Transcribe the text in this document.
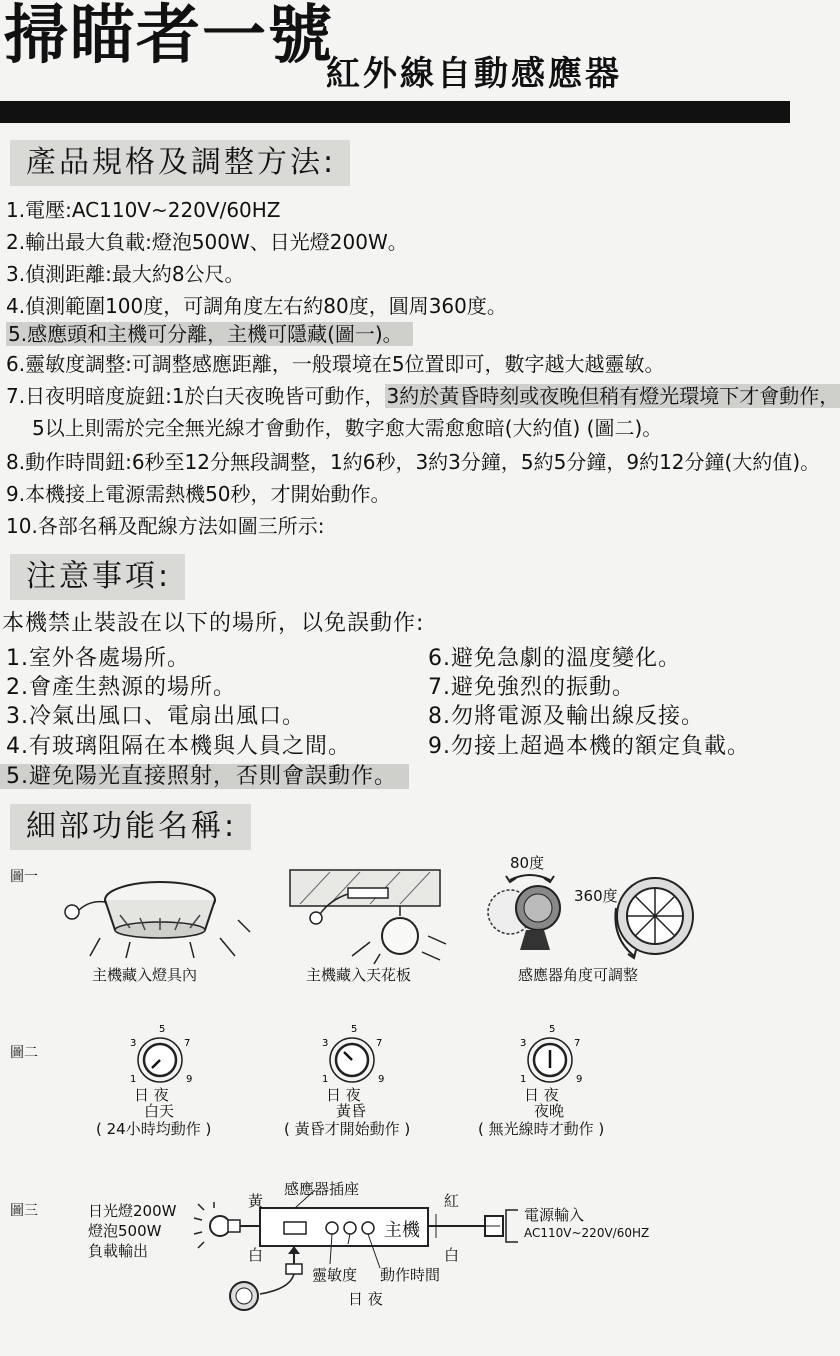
掃瞄者一號
紅外線自動感應器
產品規格及調整方法:
1.電壓:AC110V~220V/60HZ
2.輸出最大負載:燈泡500W、日光燈200W。
3.偵測距離:最大約8公尺。
4.偵測範圍100度，可調角度左右約80度，圓周360度。
5.感應頭和主機可分離，主機可隱藏(圖一)。
6.靈敏度調整:可調整感應距離，一般環境在5位置即可，數字越大越靈敏。
7.日夜明暗度旋鈕:1於白天夜晚皆可動作， 3約於黃昏時刻或夜晚但稍有燈光環境下才會動作，
5以上則需於完全無光線才會動作，數字愈大需愈愈暗(大約值) (圖二)。
8.動作時間鈕:6秒至12分無段調整，1約6秒，3約3分鐘，5約5分鐘，9約12分鐘(大約值)。
9.本機接上電源需熱機50秒，才開始動作。
10.各部名稱及配線方法如圖三所示:
注意事項:
本機禁止裝設在以下的場所，以免誤動作:
1.室外各處場所。
2.會產生熱源的場所。
3.冷氣出風口、電扇出風口。
4.有玻璃阻隔在本機與人員之間。
5.避免陽光直接照射，否則會誤動作。
6.避免急劇的溫度變化。
7.避免強烈的振動。
8.勿將電源及輸出線反接。
9.勿接上超過本機的額定負載。
細部功能名稱:
圖一
主機藏入燈具內	主機藏入天花板
80度
360度
感應器角度可調整
圖二
5
3	7
1	9
日 夜
白天
( 24小時均動作 )
5
3	7
1	9
日 夜
黃昏
( 黃昏才開始動作 )
5
3	7
1	9
日 夜
夜晚
( 無光線時才動作 )
圖三	日光燈200W
燈泡500W
負載輸出
黃
白
感應器插座
主機
紅
白
電源輸入
AC110V~220V/60HZ
靈敏度 動作時間
日 夜
